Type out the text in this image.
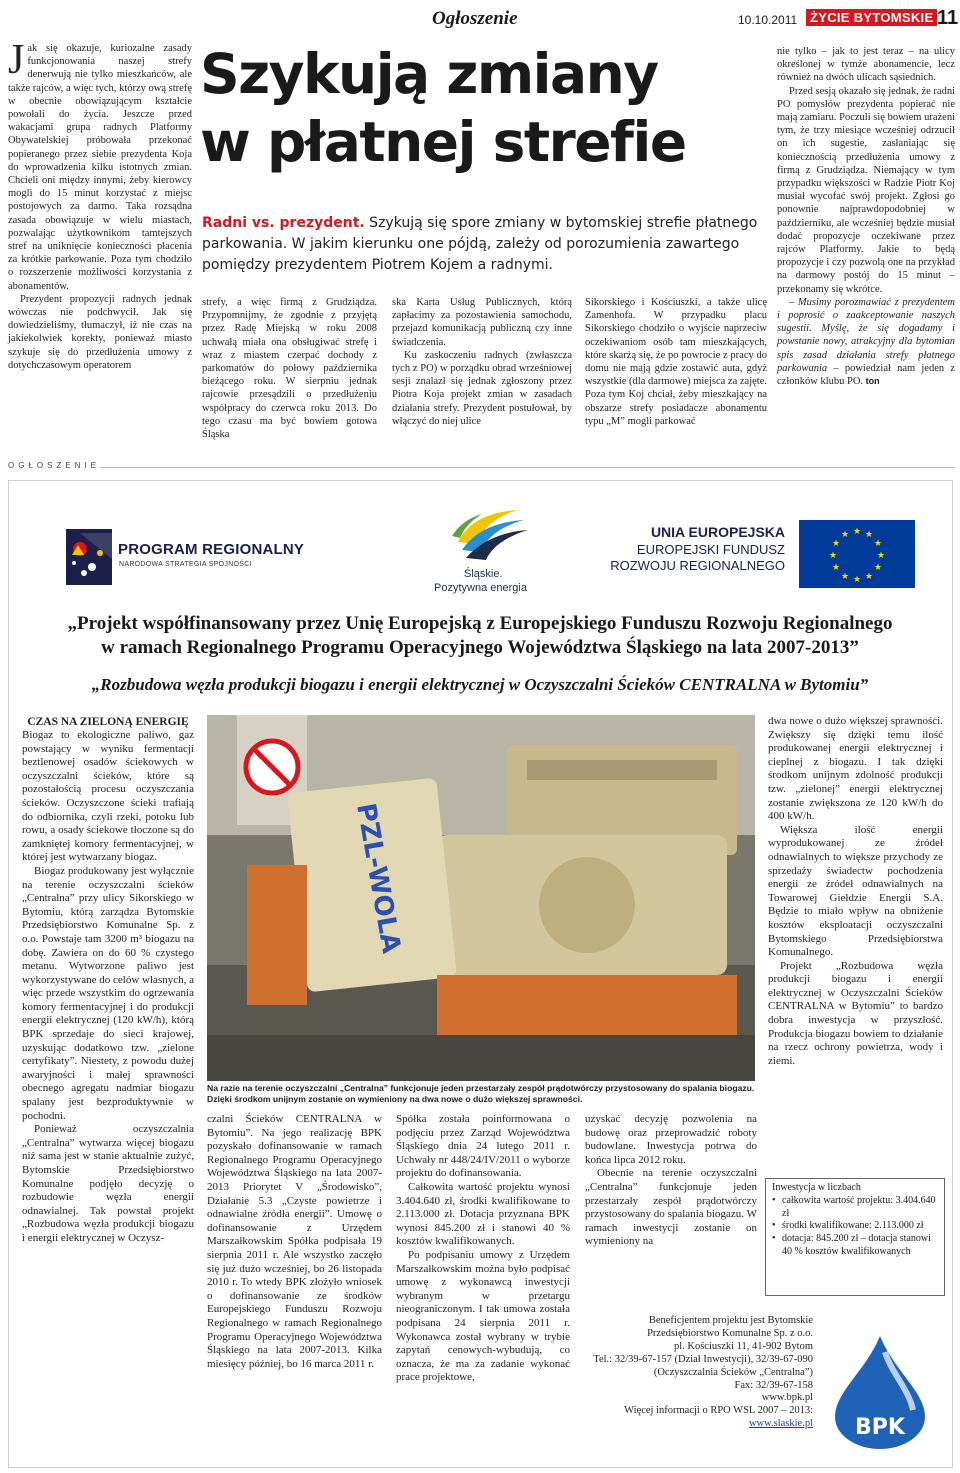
Ogłoszenie	10.10.2011 ŻYCIE BYTOMSKIE 11

Jak się okazuje, kuriozalne zasady funkcjonowania naszej strefy denerwują nie tylko mieszkańców, ale także rajców, a więc tych, którzy ową strefę w obecnie obowiązującym kształcie powołali do życia. Jeszcze przed wakacjami grupa radnych Platformy Obywatelskiej próbowała przekonać popieranego przez siebie prezydenta Koja do wprowadzenia kilku istotnych zmian. Chcieli oni między innymi, żeby kierowcy mogli do 15 minut korzystać z miejsc postojowych za darmo. Taka rozsądna zasada obowiązuje w wielu miastach, pozwalając użytkownikom tamtejszych stref na uniknięcie konieczności płacenia za krótkie parkowanie. Poza tym chodziło o rozszerzenie możliwości korzystania z abonamentów.

Prezydent propozycji radnych jednak wówczas nie podchwycił. Jak się dowiedzieliśmy, tłumaczył, iż nie czas na jakiekolwiek korekty, ponieważ miasto szykuje się do przedłużenia umowy z dotychczasowym operatorem

Szykują zmiany
w płatnej strefie
Radni vs. prezydent. Szykują się spore zmiany w bytomskiej strefie płatnego parkowania. W jakim kierunku one pójdą, zależy od porozumienia zawartego pomiędzy prezydentem Piotrem Kojem a radnymi.

strefy, a więc firmą z Grudziądza. Przypomnijmy, że zgodnie z przyjętą przez Radę Miejską w roku 2008 uchwałą miała ona obsługiwać strefę i wraz z miastem czerpać dochody z parkomatów do połowy października bieżącego roku. W sierpniu jednak rajcowie przesądzili o przedłużeniu współpracy do czerwca roku 2013. Do tego czasu ma być bowiem gotowa Śląska

ska Karta Usług Publicznych, którą zapłacimy za pozostawienia samochodu, przejazd komunikacją publiczną czy inne świadczenia.

Ku zaskoczeniu radnych (zwłaszcza tych z PO) w porządku obrad wrześniowej sesji znalazł się jednak zgłoszony przez Piotra Koja projekt zmian w zasadach działania strefy. Prezydent postułował, by włączyć do niej ulice

Sikorskiego i Kościuszki, a także ulicę Zamenhofa. W przypadku placu Sikorskiego chodziło o wyjście naprzeciw oczekiwaniom osób tam mieszkających, które skarżą się, że po powrocie z pracy do domu nie mają gdzie zostawić auta, gdyż wszystkie (dla darmowe) miejsca za zajęte. Poza tym Koj chciał, żeby mieszkający na obszarze strefy posiadacze abonamentu typu „M” mogli parkować

nie tylko – jak to jest teraz – na ulicy określonej w tymże abonamencie, lecz również na dwóch ulicach sąsiednich.

Przed sesją okazało się jednak, że radni PO pomysłów prezydenta popierać nie mają zamiaru. Poczuli się bowiem urażeni tym, że trzy miesiące wcześniej odrzucił on ich sugestie, zasłaniając się koniecznością przedłużenia umowy z firmą z Grudziądza. Niemający w tym przypadku większości w Radzie Piotr Koj musiał wycofać swój projekt. Zgłosi go ponownie najprawdopodobniej w październiku, ale wcześniej będzie musiał dodać propozycje oczekiwane przez rajców Platformy. Jakie to będą propozycje i czy pozwolą one na przykład na darmowy postój do 15 minut – przekonamy się wkrótce.

– Musimy porozmawiać z prezydentem i poprosić o zaakceptowanie naszych sugestii. Myślę, że się dogadamy i powstanie nowy, atrakcyjny dla bytomian spis zasad działania strefy płatnego parkowania – powiedział nam jeden z członków klubu PO. ton

OGŁOSZENIE
PROGRAM REGIONALNY
NARODOWA STRATEGIA SPÓJNOŚCI
Śląskie.
Pozytywna energia
UNIA EUROPEJSKA
EUROPEJSKI FUNDUSZ
ROZWOJU REGIONALNEGO
★ ★
★
★
★
★
★
★
★
★
★
★
„Projekt współfinansowany przez Unię Europejską z Europejskiego Funduszu Rozwoju Regionalnego
w ramach Regionalnego Programu Operacyjnego Województwa Śląskiego na lata 2007-2013”
„Rozbudowa węzła produkcji biogazu i energii elektrycznej w Oczyszczalni Ścieków CENTRALNA w Bytomiu”
CZAS NA ZIELONĄ ENERGIĘ

Biogaz to ekologiczne paliwo, gaz powstający w wyniku fermentacji beztlenowej osadów ściekowych w oczyszczalni ścieków, które są pozostałością procesu oczyszczania ścieków. Oczyszczone ścieki trafiają do odbiornika, czyli rzeki, potoku lub rowu, a osady ściekowe tłoczone są do zamkniętej komory fermentacyjnej, w której jest wytwarzany biogaz.

Biogaz produkowany jest wyłącznie na terenie oczyszczalni ścieków „Centralna” przy ulicy Sikorskiego w Bytomiu, którą zarządza Bytomskie Przedsiębiorstwo Komunalne Sp. z o.o. Powstaje tam 3200 m³ biogazu na dobę. Zawiera on do 60 % czystego metanu. Wytworzone paliwo jest wykorzystywane do celów własnych, a więc przede wszystkim do ogrzewania komory fermentacyjnej i do produkcji energii elektrycznej (120 kW/h), którą BPK sprzedaje do sieci krajowej, uzyskując dodatkowo tzw. „zielone certyfikaty”. Niestety, z powodu dużej awaryjności i małej sprawności obecnego agregatu nadmiar biogazu spalany jest bezproduktywnie w pochodni.

Ponieważ oczyszczalnia „Centralna” wytwarza więcej biogazu niż sama jest w stanie aktualnie zużyć, Bytomskie Przedsiębiorstwo Komunalne podjęło decyzję o rozbudowie węzła energii odnawialnej. Tak powstał projekt „Rozbudowa węzła produkcji biogazu i energii elektrycznej w Oczysz-

PZL-WOLA
Na razie na terenie oczyszczalni „Centralna” funkcjonuje jeden przestarzały zespół prądotwórczy przystosowany do spalania biogazu. Dzięki środkom unijnym zostanie on wymieniony na dwa nowe o dużo większej sprawności.

czalni Ścieków CENTRALNA w Bytomiu”. Na jego realizację BPK pozyskało dofinansowanie w ramach Regionalnego Programu Operacyjnego Województwa Śląskiego na lata 2007-2013 Priorytet V „Środowisko”, Działanie 5.3 „Czyste powietrze i odnawialne źródła energii”. Umowę o dofinansowanie z Urzędem Marszałkowskim Spółka podpisała 19 sierpnia 2011 r. Ale wszystko zaczęło się już dużo wcześniej, bo 26 listopada 2010 r. To wtedy BPK złożyło wniosek o dofinansowanie ze środków Europejskiego Funduszu Rozwoju Regionalnego w ramach Regionalnego Programu Operacyjnego Województwa Śląskiego na lata 2007-2013. Kilka miesięcy później, bo 16 marca 2011 r.

Spółka została poinformowana o podjęciu przez Zarząd Województwa Śląskiego dnia 24 lutego 2011 r. Uchwały nr 448/24/IV/2011 o wyborze projektu do dofinansowania.

Całkowita wartość projektu wynosi 3.404.640 zł, środki kwalifikowane to 2.113.000 zł. Dotacja przyznana BPK wynosi 845.200 zł i stanowi 40 % kosztów kwalifikowanych.

Po podpisaniu umowy z Urzędem Marszałkowskim można było podpisać umowę z wykonawcą inwestycji wybranym w przetargu nieograniczonym. I tak umowa została podpisana 24 sierpnia 2011 r. Wykonawca został wybrany w trybie zapytań cenowych-wybudują, co oznacza, że ma za zadanie wykonać prace projektowe,

uzyskać decyzję pozwolenia na budowę oraz przeprowadzić roboty budowlane. Inwestycja potrwa do końca lipca 2012 roku.

Obecnie na terenie oczyszczalni „Centralna” funkcjonuje jeden przestarzały zespół prądotwórczy przystosowany do spalania biogazu. W ramach inwestycji zostanie on wymieniony na

dwa nowe o dużo większej sprawności. Zwiększy się dzięki temu ilość produkowanej energii elektrycznej i cieplnej z biogazu. I tak dzięki środkom unijnym zdolność produkcji tzw. „zielonej” energii elektrycznej zostanie zwiększona ze 120 kW/h do 400 kW/h.

Większa ilość energii wyprodukowanej ze źródeł odnawialnych to większe przychody ze sprzedaży świadectw pochodzenia energii ze źródeł odnawialnych na Towarowej Giełdzie Energii S.A. Będzie to miało wpływ na obniżenie kosztów eksploatacji oczyszczalni Bytomskiego Przedsiębiorstwa Komunalnego.

Projekt „Rozbudowa węzła produkcji biogazu i energii elektrycznej w Oczyszczalni Ścieków CENTRALNA w Bytomiu” to bardzo dobra inwestycja w przyszłość. Produkcja biogazu bowiem to działanie na rzecz ochrony powietrza, wody i ziemi.

Inwestycja w liczbach
• całkowita wartość projektu: 3.404.640 zł
• środki kwalifikowane: 2.113.000 zł
• dotacja: 845.200 zł – dotacja stanowi 40 % kosztów kwalifikowanych
Beneficjentem projektu jest Bytomskie
Przedsiębiorstwo Komunalne Sp. z o.o.
pl. Kościuszki 11, 41-902 Bytom
Tel.: 32/39-67-157 (Dział Inwestycji), 32/39-67-090 (Oczyszczalnia Ścieków „Centralna”)
Fax: 32/39-67-158
www.bpk.pl
Więcej informacji o RPO WSL 2007 – 2013:
www.slaskie.pl BPK
